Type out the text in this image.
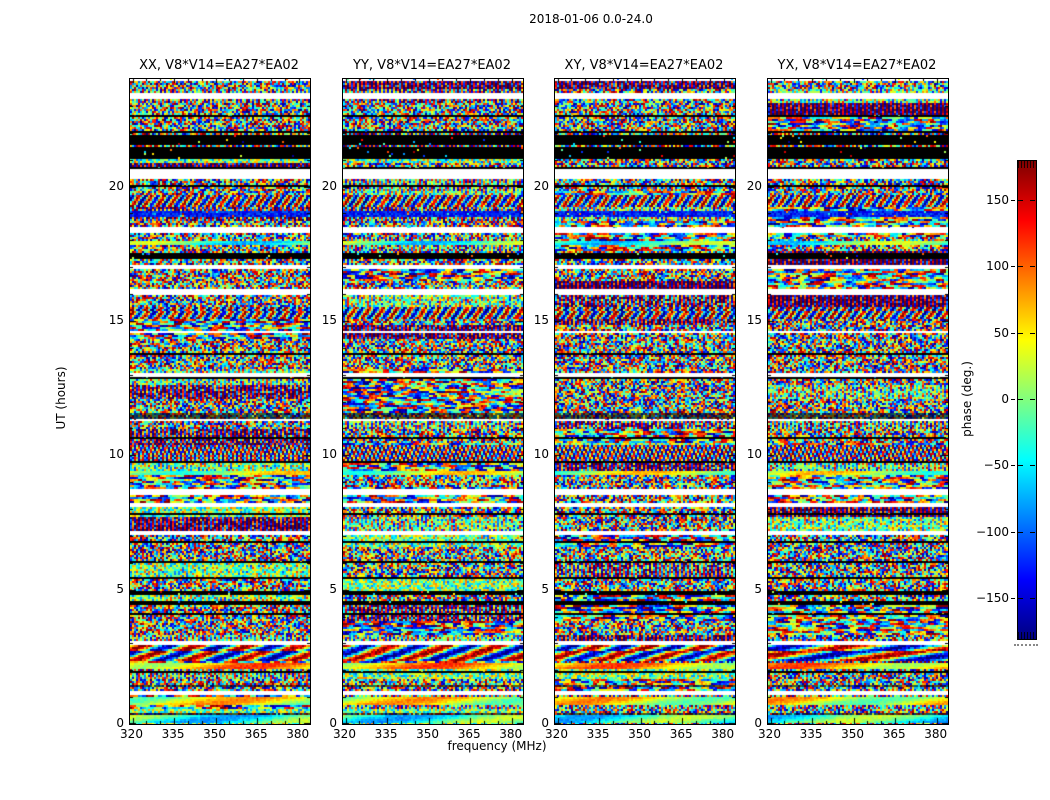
2018-01-06 0.0-24.0
XX, V8*V14=EA27*EA02
320	335	350	365	380
0
5
10
15
20
YY, V8*V14=EA27*EA02
320	335	350	365	380
0
5
10
15
20
XY, V8*V14=EA27*EA02
320	335	350	365	380
0
5
10
15
20
YX, V8*V14=EA27*EA02
320	335	350	365	380
0
5
10
15
20
frequency (MHz)
UT (hours)	phase (deg.)
150
100
50
0
−50
−100
−150
